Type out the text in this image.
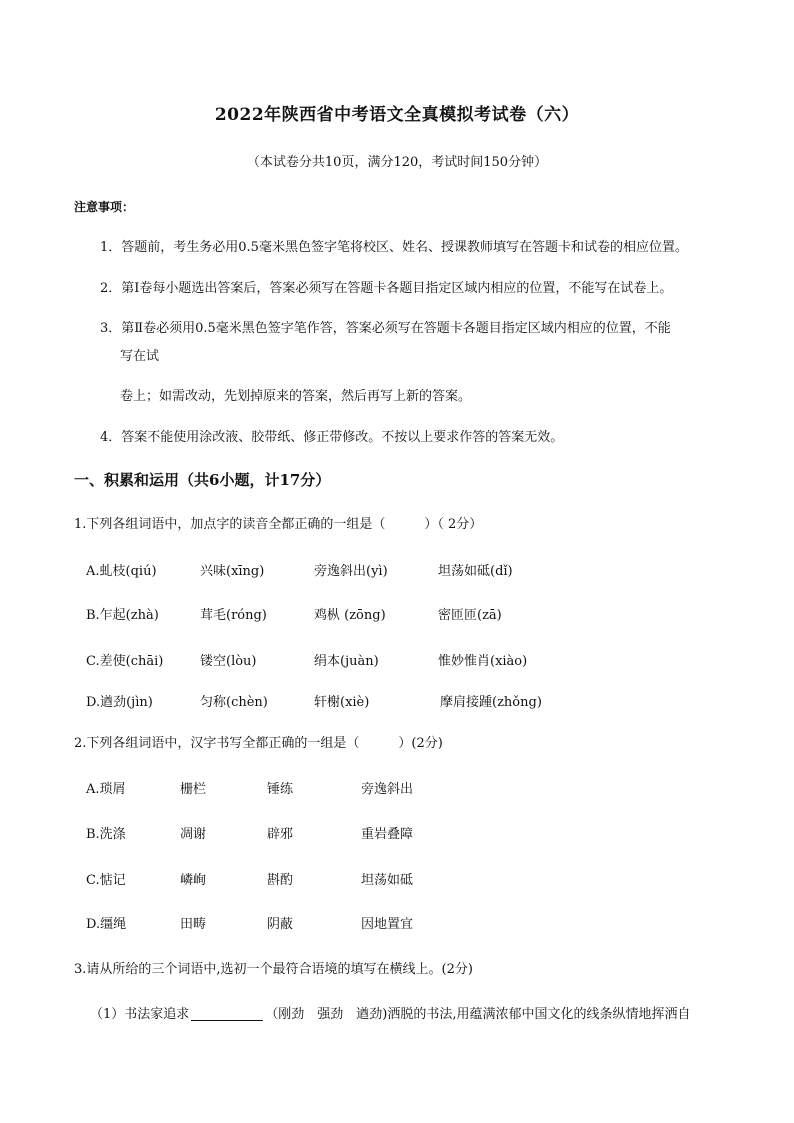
2022年陕西省中考语文全真模拟考试卷（六）
（本试卷分共10页，满分120，考试时间150分钟）
注意事项：
1．答题前，考生务必用0.5毫米黑色签字笔将校区、姓名、授课教师填写在答题卡和试卷的相应位置。
2．第Ⅰ卷每小题选出答案后，答案必须写在答题卡各题目指定区域内相应的位置，不能写在试卷上。
3．第Ⅱ卷必须用0.5毫米黑色签字笔作答，答案必须写在答题卡各题目指定区域内相应的位置，不能
写在试
卷上；如需改动，先划掉原来的答案，然后再写上新的答案。
4．答案不能使用涂改液、胶带纸、修正带修改。不按以上要求作答的答案无效。
一、积累和运用（共6小题，计17分）
1.下列各组词语中，加点字的读音全都正确的一组是（　　　）（ 2分）
A.虬枝(qiú)	兴味(xīng)	旁逸斜出(yì)	坦荡如砥(dǐ)
B.乍起(zhà)	茸毛(róng)	鸡枞 (zōng)	密匝匝(zā)
C.差使(chāi)	镂空(lòu)	绢本(juàn)	惟妙惟肖(xiào)
D.遒劲(jìn)	匀称(chèn)	轩榭(xiè)	摩肩接踵(zhǒng)
2.下列各组词语中，汉字书写全都正确的一组是（　　　）(2分)
A.琐屑	栅栏	锤练	旁逸斜出
B.洗涤	凋谢	辟邪	重岩叠障
C.惦记	嶙峋	斟酌	坦荡如砥
D.缰绳	田畴	阴蔽	因地置宜
3.请从所给的三个词语中,选初一个最符合语境的填写在横线上。(2分)
（1）书法家追求	（刚劲　强劲　遒劲)洒脱的书法,用蕴满浓郁中国文化的线条纵情地挥洒自
